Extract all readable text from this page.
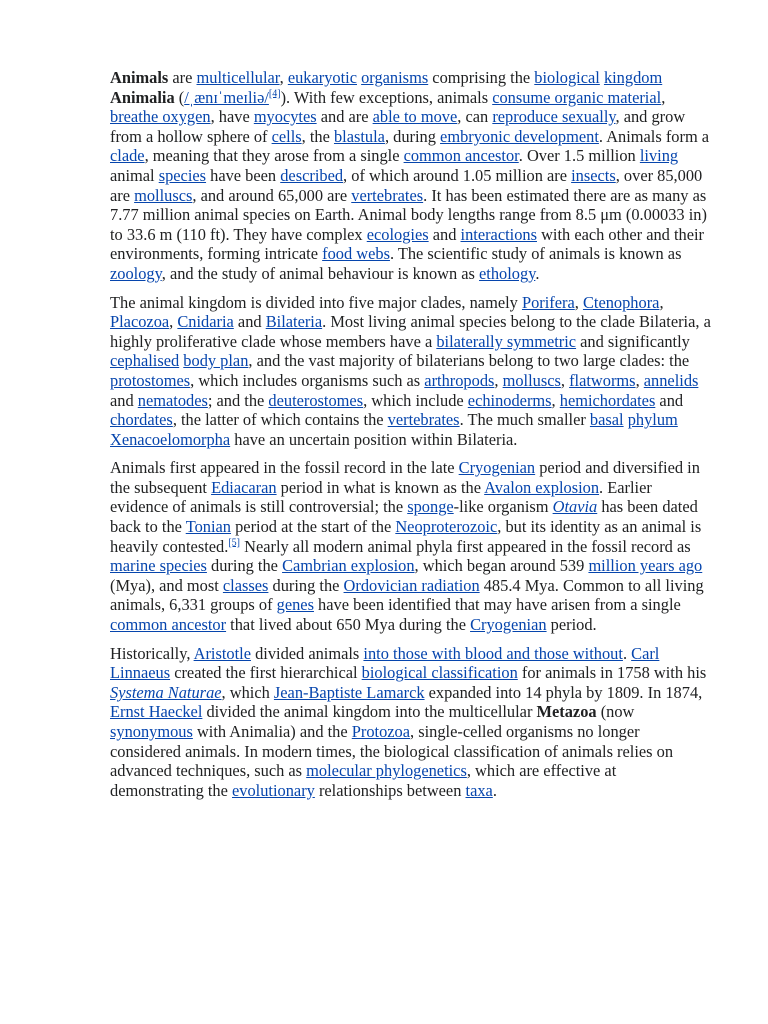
Animals are multicellular, eukaryotic organisms comprising the biological kingdom Animalia (/ˌænɪˈmeɪliə/[4]). With few exceptions, animals consume organic material, breathe oxygen, have myocytes and are able to move, can reproduce sexually, and grow from a hollow sphere of cells, the blastula, during embryonic development. Animals form a clade, meaning that they arose from a single common ancestor. Over 1.5 million living animal species have been described, of which around 1.05 million are insects, over 85,000 are molluscs, and around 65,000 are vertebrates. It has been estimated there are as many as 7.77 million animal species on Earth. Animal body lengths range from 8.5 μm (0.00033 in) to 33.6 m (110 ft). They have complex ecologies and interactions with each other and their environments, forming intricate food webs. The scientific study of animals is known as zoology, and the study of animal behaviour is known as ethology.

The animal kingdom is divided into five major clades, namely Porifera, Ctenophora, Placozoa, Cnidaria and Bilateria. Most living animal species belong to the clade Bilateria, a highly proliferative clade whose members have a bilaterally symmetric and significantly cephalised body plan, and the vast majority of bilaterians belong to two large clades: the protostomes, which includes organisms such as arthropods, molluscs, flatworms, annelids and nematodes; and the deuterostomes, which include echinoderms, hemichordates and chordates, the latter of which contains the vertebrates. The much smaller basal phylum Xenacoelomorpha have an uncertain position within Bilateria.

Animals first appeared in the fossil record in the late Cryogenian period and diversified in the subsequent Ediacaran period in what is known as the Avalon explosion. Earlier evidence of animals is still controversial; the sponge-like organism Otavia has been dated back to the Tonian period at the start of the Neoproterozoic, but its identity as an animal is heavily contested.[5] Nearly all modern animal phyla first appeared in the fossil record as marine species during the Cambrian explosion, which began around 539 million years ago (Mya), and most classes during the Ordovician radiation 485.4 Mya. Common to all living animals, 6,331 groups of genes have been identified that may have arisen from a single common ancestor that lived about 650 Mya during the Cryogenian period.

Historically, Aristotle divided animals into those with blood and those without. Carl Linnaeus created the first hierarchical biological classification for animals in 1758 with his Systema Naturae, which Jean-Baptiste Lamarck expanded into 14 phyla by 1809. In 1874, Ernst Haeckel divided the animal kingdom into the multicellular Metazoa (now synonymous with Animalia) and the Protozoa, single-celled organisms no longer considered animals. In modern times, the biological classification of animals relies on advanced techniques, such as molecular phylogenetics, which are effective at demonstrating the evolutionary relationships between taxa.
